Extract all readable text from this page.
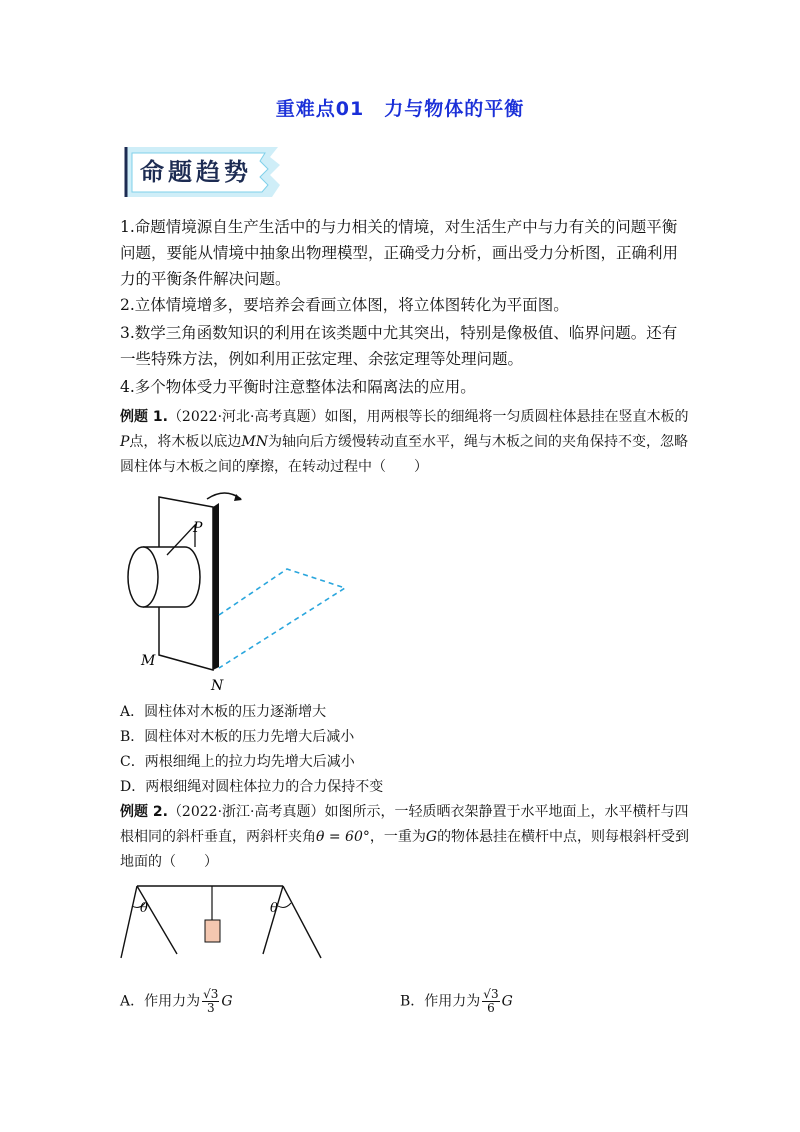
重难点01　力与物体的平衡
命题趋势

1.命题情境源自生产生活中的与力相关的情境，对生活生产中与力有关的问题平衡问题，要能从情境中抽象出物理模型，正确受力分析，画出受力分析图，正确利用力的平衡条件解决问题。

2.立体情境增多，要培养会看画立体图，将立体图转化为平面图。

3.数学三角函数知识的利用在该类题中尤其突出，特别是像极值、临界问题。还有一些特殊方法，例如利用正弦定理、余弦定理等处理问题。

4.多个物体受力平衡时注意整体法和隔离法的应用。

例题 1.（2022·河北·高考真题）如图，用两根等长的细绳将一匀质圆柱体悬挂在竖直木板的P点，将木板以底边MN为轴向后方缓慢转动直至水平，绳与木板之间的夹角保持不变，忽略圆柱体与木板之间的摩擦，在转动过程中（　　）

P
M
N

A．圆柱体对木板的压力逐渐增大

B．圆柱体对木板的压力先增大后减小

C．两根细绳上的拉力均先增大后减小

D．两根细绳对圆柱体拉力的合力保持不变

例题 2.（2022·浙江·高考真题）如图所示，一轻质晒衣架静置于水平地面上，水平横杆与四根相同的斜杆垂直，两斜杆夹角θ = 60°，一重为G的物体悬挂在横杆中点，则每根斜杆受到地面的（　　）

θ	θ

A．作用力为 $\frac{√3}{3}$ G	B．作用力为 $\frac{√3}{6}$ G
